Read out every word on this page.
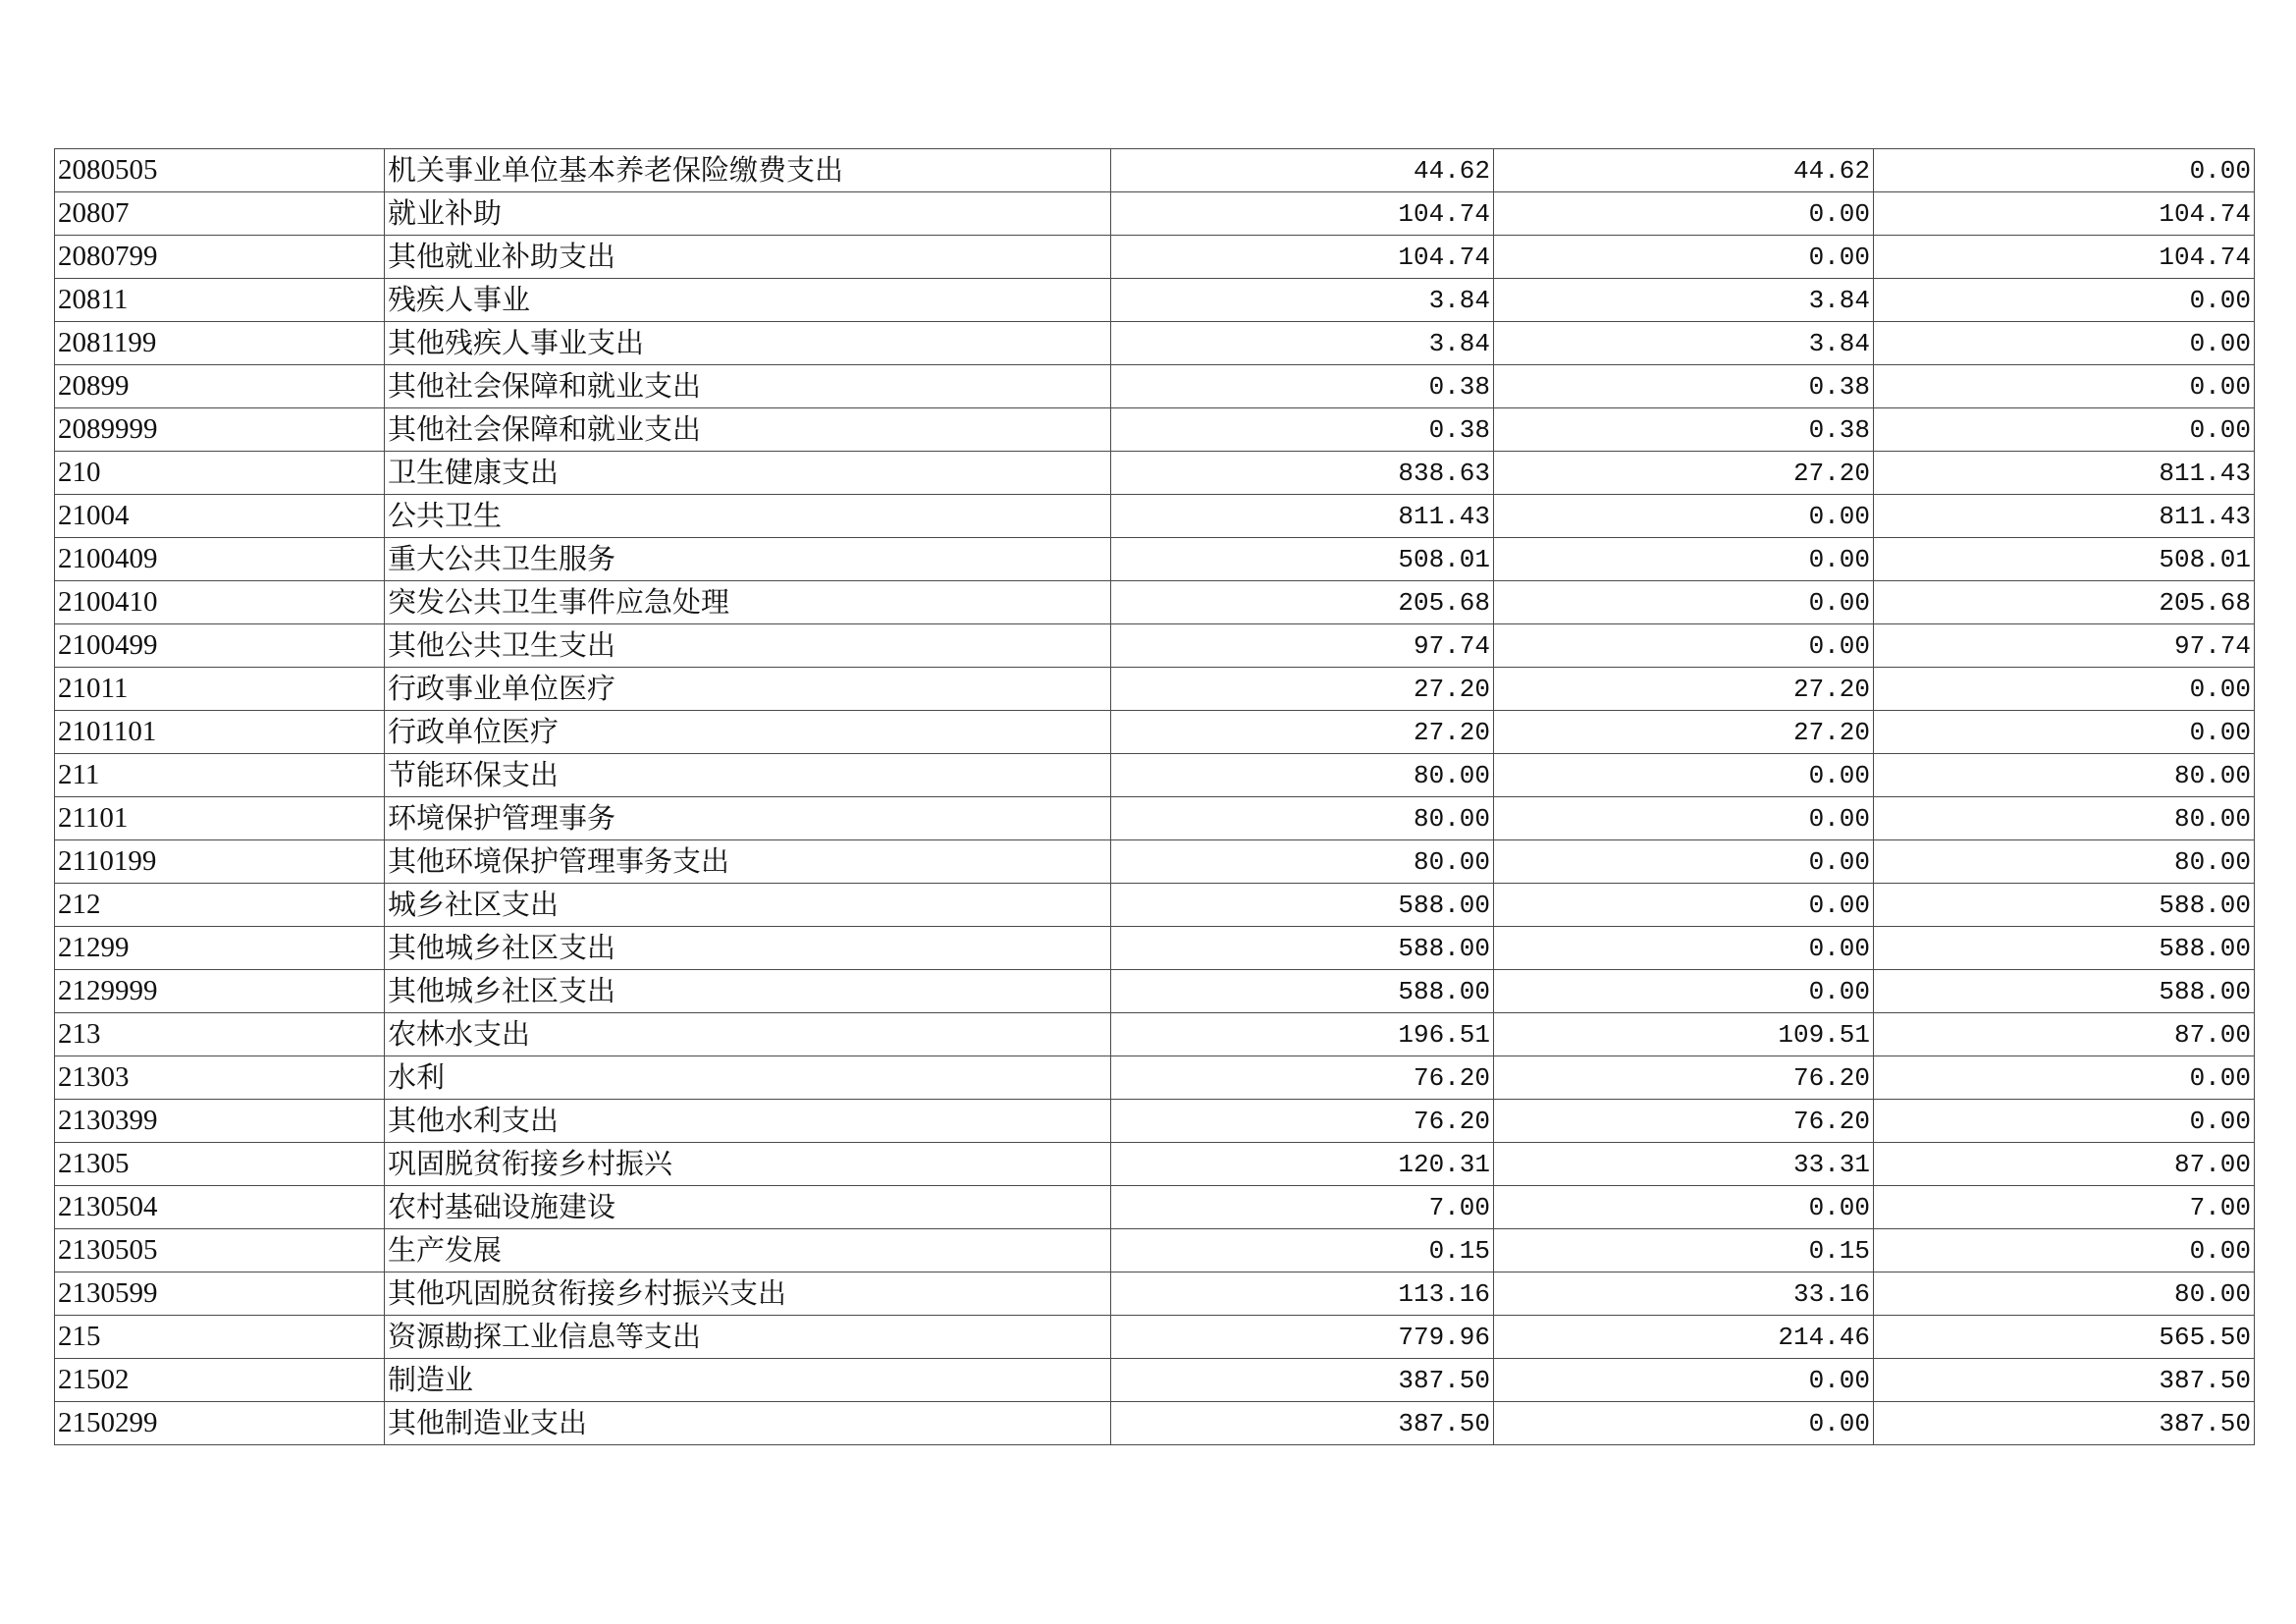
2080505	机关事业单位基本养老保险缴费支出	44.62	44.62	0.00
20807	就业补助	104.74	0.00	104.74
2080799	其他就业补助支出	104.74	0.00	104.74
20811	残疾人事业	3.84	3.84	0.00
2081199	其他残疾人事业支出	3.84	3.84	0.00
20899	其他社会保障和就业支出	0.38	0.38	0.00
2089999	其他社会保障和就业支出	0.38	0.38	0.00
210	卫生健康支出	838.63	27.20	811.43
21004	公共卫生	811.43	0.00	811.43
2100409	重大公共卫生服务	508.01	0.00	508.01
2100410	突发公共卫生事件应急处理	205.68	0.00	205.68
2100499	其他公共卫生支出	97.74	0.00	97.74
21011	行政事业单位医疗	27.20	27.20	0.00
2101101	行政单位医疗	27.20	27.20	0.00
211	节能环保支出	80.00	0.00	80.00
21101	环境保护管理事务	80.00	0.00	80.00
2110199	其他环境保护管理事务支出	80.00	0.00	80.00
212	城乡社区支出	588.00	0.00	588.00
21299	其他城乡社区支出	588.00	0.00	588.00
2129999	其他城乡社区支出	588.00	0.00	588.00
213	农林水支出	196.51	109.51	87.00
21303	水利	76.20	76.20	0.00
2130399	其他水利支出	76.20	76.20	0.00
21305	巩固脱贫衔接乡村振兴	120.31	33.31	87.00
2130504	农村基础设施建设	7.00	0.00	7.00
2130505	生产发展	0.15	0.15	0.00
2130599	其他巩固脱贫衔接乡村振兴支出	113.16	33.16	80.00
215	资源勘探工业信息等支出	779.96	214.46	565.50
21502	制造业	387.50	0.00	387.50
2150299	其他制造业支出	387.50	0.00	387.50
